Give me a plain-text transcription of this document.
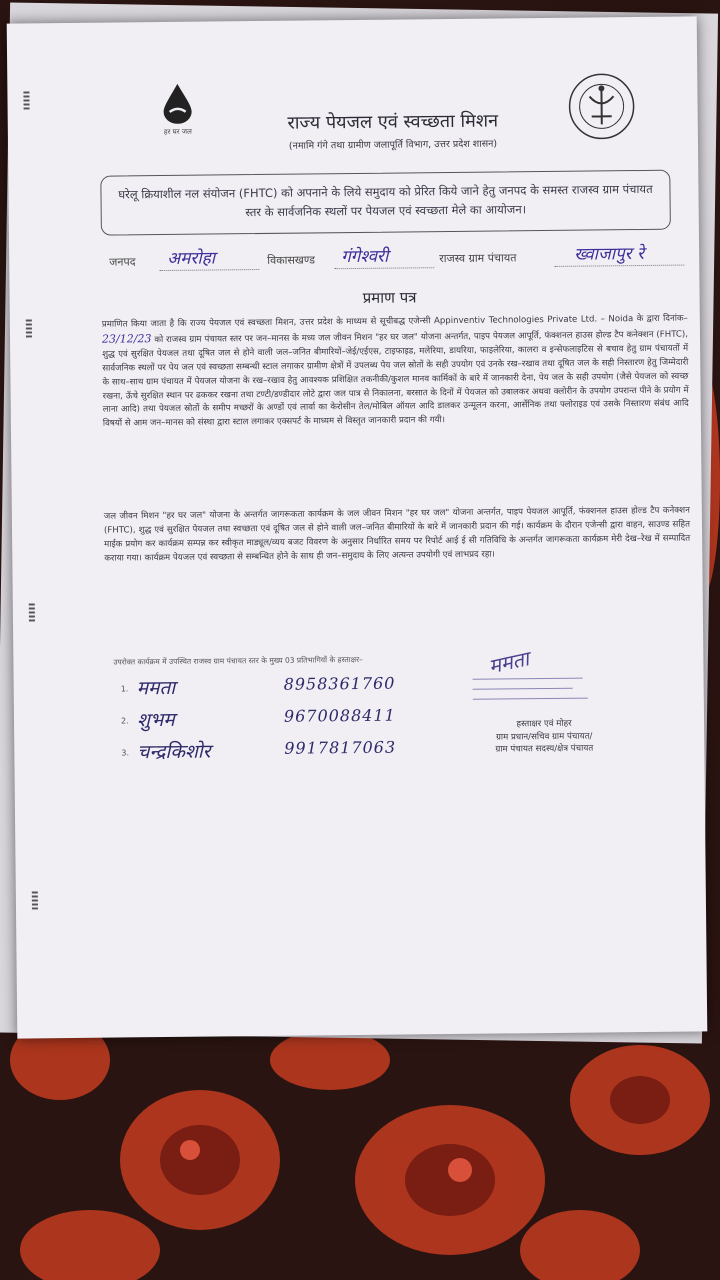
हर घर जल	राज्य पेयजल एवं स्वच्छता मिशन
(नमामि गंगे तथा ग्रामीण जलापूर्ति विभाग, उत्तर प्रदेश शासन)
घरेलू क्रियाशील नल संयोजन (FHTC) को अपनाने के लिये समुदाय को प्रेरित किये जाने हेतु जनपद के समस्त राजस्व ग्राम पंचायत स्तर के सार्वजनिक स्थलों पर पेयजल एवं स्वच्छता मेले का आयोजन।
जनपद अमरोहा	विकासखण्ड गंगेश्वरी	राजस्व ग्राम पंचायत	ख्वाजापुर रे
प्रमाण पत्र
प्रमाणित किया जाता है कि राज्य पेयजल एवं स्वच्छता मिशन, उत्तर प्रदेश के माध्यम से सूचीबद्ध एजेन्सी Appinventiv Technologies Private Ltd. – Noida के द्वारा दिनांक– 23/12/23 को राजस्व ग्राम पंचायत स्तर पर जन–मानस के मध्य जल जीवन मिशन "हर घर जल" योजना अन्तर्गत, पाइप पेयजल आपूर्ति, फंक्शनल हाउस होल्ड टैप कनेक्शन (FHTC), शुद्ध एवं सुरक्षित पेयजल तथा दूषित जल से होने वाली जल–जनित बीमारियों–जेई/एईएस, टाइफाइड, मलेरिया, डायरिया, फाइलेरिया, कालरा व इन्सेफलाइटिस से बचाव हेतु ग्राम पंचायतों में सार्वजनिक स्थलों पर पेय जल एवं स्वच्छता सम्बन्धी स्टाल लगाकर ग्रामीण क्षेत्रों में उपलब्ध पेय जल स्रोतों के सही उपयोग एवं उनके रख–रखाव तथा दूषित जल के सही निस्तारण हेतु जिम्मेदारी के साथ–साथ ग्राम पंचायत में पेयजल योजना के रख–रखाव हेतु आवश्यक प्रशिक्षित तकनीकी/कुशल मानव कार्मिकों के बारे में जानकारी देना, पेय जल के सही उपयोग (जैसे पेयजल को स्वच्छ रखना, ऊँचे सुरक्षित स्थान पर ढककर रखना तथा टण्टी/डण्डीदार लोटे द्वारा जल पात्र से निकालना, बरसात के दिनों में पेयजल को उबालकर अथवा क्लोरीन के उपयोग उपरान्त पीने के प्रयोग में लाना आदि) तथा पेयजल स्रोतों के समीप मच्छरों के अण्डों एवं लार्वा का केरोसीन तेल/मोबिल ऑयल आदि डालकर उन्मूलन करना, आर्सेनिक तथा फ्लोराइड एवं उसके निस्तारण संबंध आदि विषयों से आम जन–मानस को संस्था द्वारा स्टाल लगाकर एक्सपर्ट के माध्यम से विस्तृत जानकारी प्रदान की गयी।
जल जीवन मिशन "हर घर जल" योजना के अन्तर्गत जागरूकता कार्यक्रम के जल जीवन मिशन "हर घर जल" योजना अन्तर्गत, पाइप पेयजल आपूर्ति, फंक्शनल हाउस होल्ड टैप कनेक्शन (FHTC), शुद्ध एवं सुरक्षित पेयजल तथा स्वच्छता एवं दूषित जल से होने वाली जल–जनित बीमारियों के बारे में जानकारी प्रदान की गई। कार्यक्रम के दौरान एजेन्सी द्वारा वाहन, साउण्ड सहित माईक प्रयोग कर कार्यक्रम सम्पन्न कर स्वीकृत माड्यूल/व्यय बजट विवरण के अनुसार निर्धारित समय पर रिपोर्ट आई ई सी गतिविधि के अन्तर्गत जागरूकता कार्यक्रम मेरी देख–रेख में सम्पादित कराया गया। कार्यक्रम पेयजल एवं स्वच्छता से सम्बन्धित होने के साथ ही जन–समुदाय के लिए अत्यन्त उपयोगी एवं लाभप्रद रहा।
उपरोक्त कार्यक्रम में उपस्थित राजस्व ग्राम पंचायत स्तर के मुख्य 03 प्रतिभागियों के हस्ताक्षर–
1. ममता	8958361760
2. शुभम	9670088411
3. चन्द्रकिशोर	9917817063
ममता
हस्ताक्षर एवं मोहर
ग्राम प्रधान/सचिव ग्राम पंचायत/
ग्राम पंचायत सदस्य/क्षेत्र पंचायत
